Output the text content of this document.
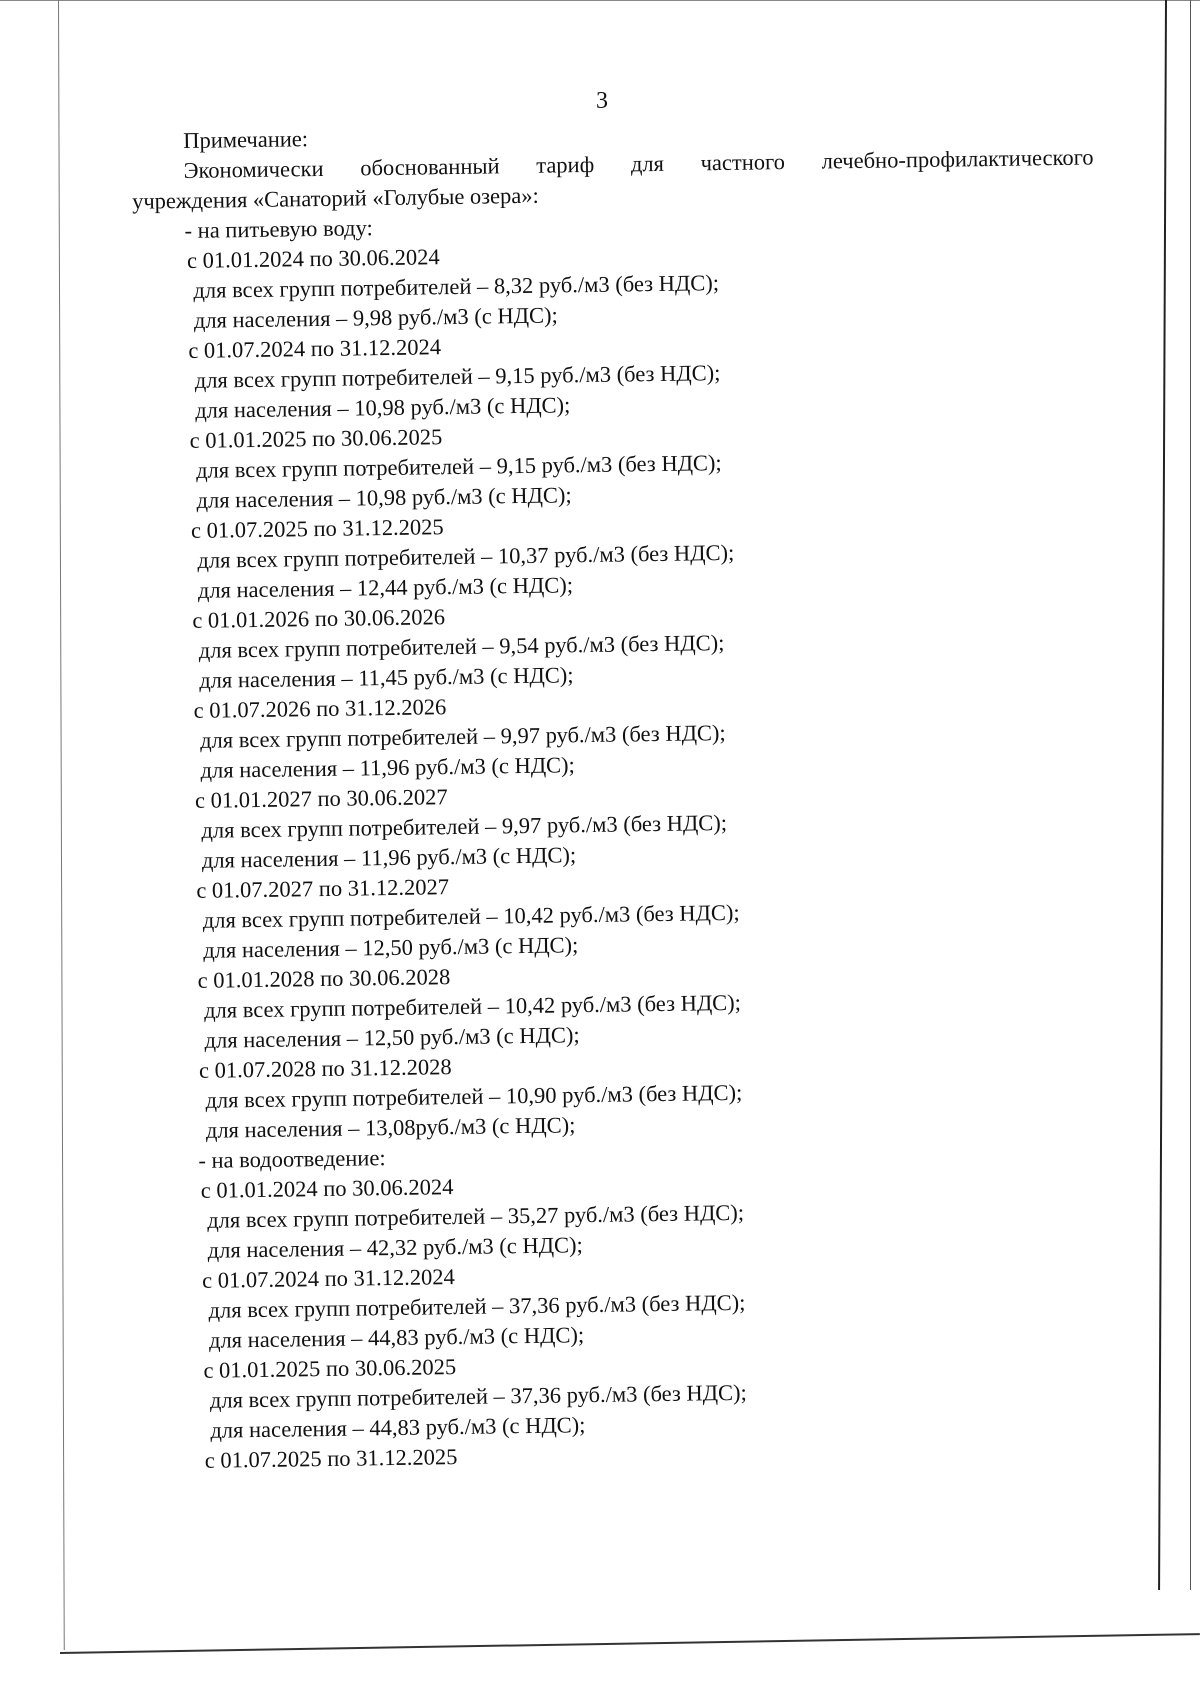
3
Примечание:
Экономически обоснованный тариф для частного лечебно-профилактического
учреждения «Санаторий «Голубые озера»:
- на питьевую воду:
с 01.01.2024 по 30.06.2024
для всех групп потребителей – 8,32 руб./м3 (без НДС);
для населения – 9,98 руб./м3 (с НДС);
с 01.07.2024 по 31.12.2024
для всех групп потребителей – 9,15 руб./м3 (без НДС);
для населения – 10,98 руб./м3 (с НДС);
с 01.01.2025 по 30.06.2025
для всех групп потребителей – 9,15 руб./м3 (без НДС);
для населения – 10,98 руб./м3 (с НДС);
с 01.07.2025 по 31.12.2025
для всех групп потребителей – 10,37 руб./м3 (без НДС);
для населения – 12,44 руб./м3 (с НДС);
с 01.01.2026 по 30.06.2026
для всех групп потребителей – 9,54 руб./м3 (без НДС);
для населения – 11,45 руб./м3 (с НДС);
с 01.07.2026 по 31.12.2026
для всех групп потребителей – 9,97 руб./м3 (без НДС);
для населения – 11,96 руб./м3 (с НДС);
с 01.01.2027 по 30.06.2027
для всех групп потребителей – 9,97 руб./м3 (без НДС);
для населения – 11,96 руб./м3 (с НДС);
с 01.07.2027 по 31.12.2027
для всех групп потребителей – 10,42 руб./м3 (без НДС);
для населения – 12,50 руб./м3 (с НДС);
с 01.01.2028 по 30.06.2028
для всех групп потребителей – 10,42 руб./м3 (без НДС);
для населения – 12,50 руб./м3 (с НДС);
с 01.07.2028 по 31.12.2028
для всех групп потребителей – 10,90 руб./м3 (без НДС);
для населения – 13,08руб./м3 (с НДС);
- на водоотведение:
с 01.01.2024 по 30.06.2024
для всех групп потребителей – 35,27 руб./м3 (без НДС);
для населения – 42,32 руб./м3 (с НДС);
с 01.07.2024 по 31.12.2024
для всех групп потребителей – 37,36 руб./м3 (без НДС);
для населения – 44,83 руб./м3 (с НДС);
с 01.01.2025 по 30.06.2025
для всех групп потребителей – 37,36 руб./м3 (без НДС);
для населения – 44,83 руб./м3 (с НДС);
с 01.07.2025 по 31.12.2025
